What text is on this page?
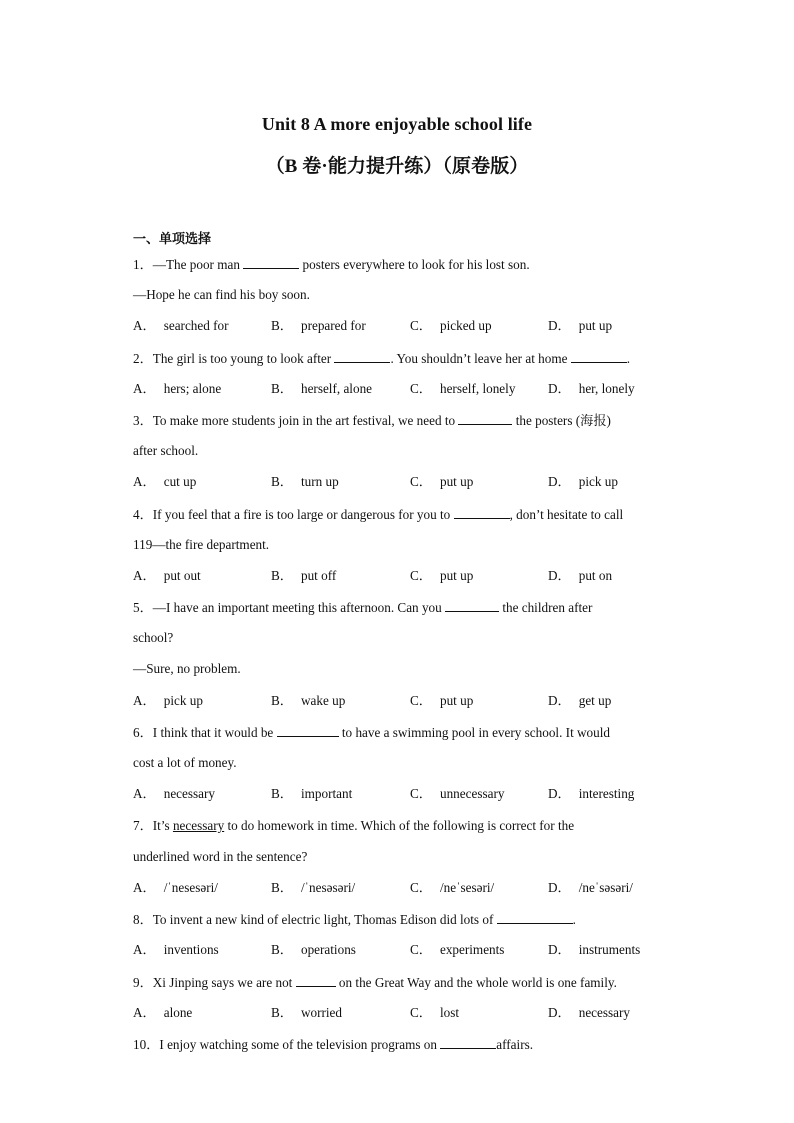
Unit 8 A more enjoyable school life
（B 卷·能力提升练）（原卷版）
一、单项选择
1．—The poor man	posters everywhere to look for his lost son.
—Hope he can find his boy soon.
A． searched for	B． prepared for	C． picked up	D． put up
2．The girl is too young to look after	. You shouldn’t leave her at home	.
A． hers; alone	B． herself, alone	C． herself, lonely D． her, lonely
3．To make more students join in the art festival, we need to	the posters (海报)
after school.
A． cut up	B． turn up	C． put up	D． pick up
4．If you feel that a fire is too large or dangerous for you to	, don’t hesitate to call
119—the fire department.
A． put out	B． put off	C． put up	D． put on
5．—I have an important meeting this afternoon. Can you	the children after
school?
—Sure, no problem.
A． pick up	B． wake up	C． put up	D． get up
6．I think that it would be	to have a swimming pool in every school. It would
cost a lot of money.
A． necessary	B． important	C． unnecessary	D． interesting
7．It’s necessary to do homework in time. Which of the following is correct for the
underlined word in the sentence?
A． /ˈnesesəri/	B． /ˈnesəsəri/	C． /neˈsesəri/	D． /neˈsəsəri/
8．To invent a new kind of electric light, Thomas Edison did lots of	.
A． inventions	B． operations	C． experiments	D． instruments
9．Xi Jinping says we are not	on the Great Way and the whole world is one family.
A． alone	B． worried	C． lost	D． necessary
10．I enjoy watching some of the television programs on	affairs.
